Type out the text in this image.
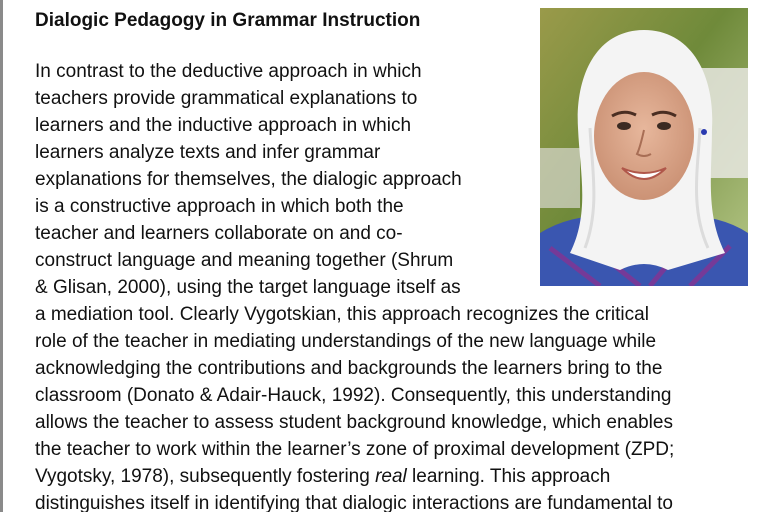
Dialogic Pedagogy in Grammar Instruction
In contrast to the deductive approach in which
teachers provide grammatical explanations to
learners and the inductive approach in which
learners analyze texts and infer grammar
explanations for themselves, the dialogic approach
is a constructive approach in which both the
teacher and learners collaborate on and co-
construct language and meaning together (Shrum
& Glisan, 2000), using the target language itself as
a mediation tool. Clearly Vygotskian, this approach recognizes the critical
role of the teacher in mediating understandings of the new language while
acknowledging the contributions and backgrounds the learners bring to the
classroom (Donato & Adair-Hauck, 1992). Consequently, this understanding
allows the teacher to assess student background knowledge, which enables
the teacher to work within the learner’s zone of proximal development (ZPD;
Vygotsky, 1978), subsequently fostering real learning. This approach
distinguishes itself in identifying that dialogic interactions are fundamental to
